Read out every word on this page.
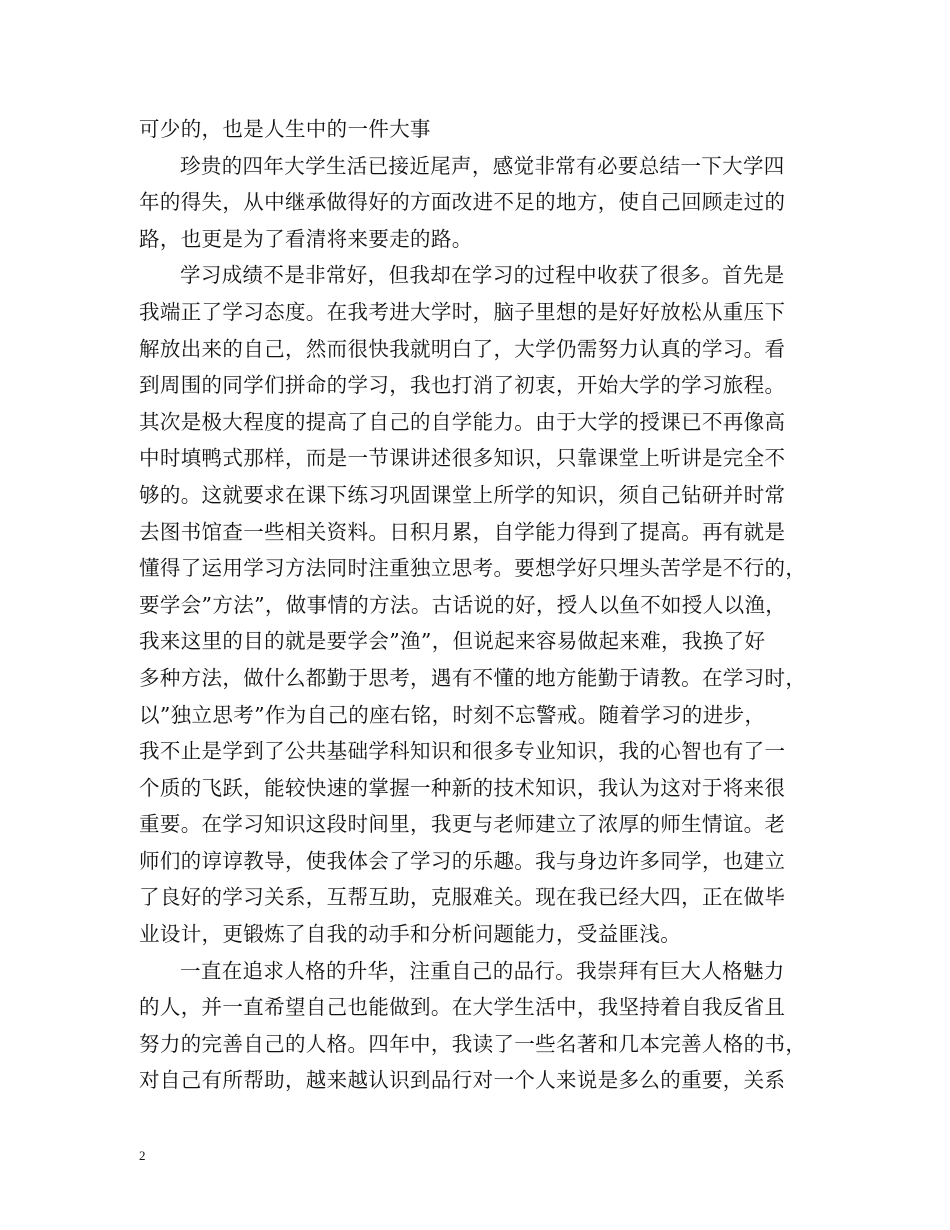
可少的，也是人生中的一件大事
珍贵的四年大学生活已接近尾声，感觉非常有必要总结一下大学四
年的得失，从中继承做得好的方面改进不足的地方，使自己回顾走过的
路，也更是为了看清将来要走的路。
学习成绩不是非常好，但我却在学习的过程中收获了很多。首先是
我端正了学习态度。在我考进大学时，脑子里想的是好好放松从重压下
解放出来的自己，然而很快我就明白了，大学仍需努力认真的学习。看
到周围的同学们拼命的学习，我也打消了初衷，开始大学的学习旅程。
其次是极大程度的提高了自己的自学能力。由于大学的授课已不再像高
中时填鸭式那样，而是一节课讲述很多知识，只靠课堂上听讲是完全不
够的。这就要求在课下练习巩固课堂上所学的知识，须自己钻研并时常
去图书馆查一些相关资料。日积月累，自学能力得到了提高。再有就是
懂得了运用学习方法同时注重独立思考。要想学好只埋头苦学是不行的，
要学会”方法”，做事情的方法。古话说的好，授人以鱼不如授人以渔，
我来这里的目的就是要学会”渔”，但说起来容易做起来难，我换了好
多种方法，做什么都勤于思考，遇有不懂的地方能勤于请教。在学习时，
以”独立思考”作为自己的座右铭，时刻不忘警戒。随着学习的进步，
我不止是学到了公共基础学科知识和很多专业知识，我的心智也有了一
个质的飞跃，能较快速的掌握一种新的技术知识，我认为这对于将来很
重要。在学习知识这段时间里，我更与老师建立了浓厚的师生情谊。老
师们的谆谆教导，使我体会了学习的乐趣。我与身边许多同学，也建立
了良好的学习关系，互帮互助，克服难关。现在我已经大四，正在做毕
业设计，更锻炼了自我的动手和分析问题能力，受益匪浅。
一直在追求人格的升华，注重自己的品行。我崇拜有巨大人格魅力
的人，并一直希望自己也能做到。在大学生活中，我坚持着自我反省且
努力的完善自己的人格。四年中，我读了一些名著和几本完善人格的书，
对自己有所帮助，越来越认识到品行对一个人来说是多么的重要，关系
2
